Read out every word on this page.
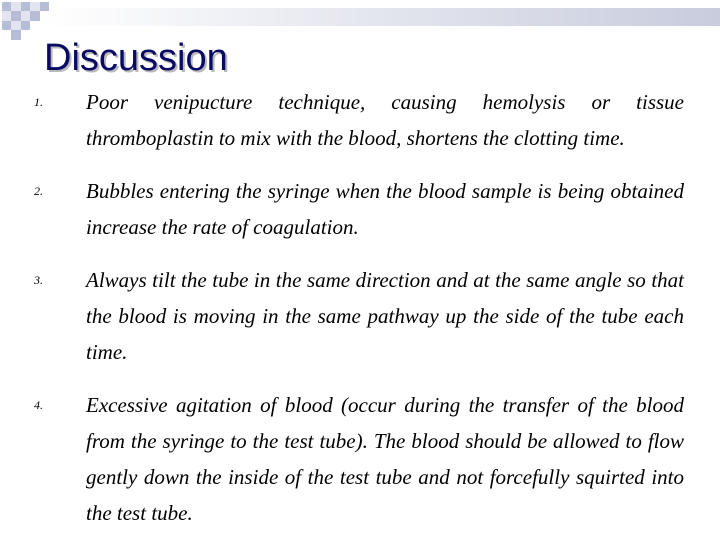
Discussion
1.	Poor venipucture technique, causing hemolysis or tissue thromboplastin to mix with the blood, shortens the clotting time.

2.	Bubbles entering the syringe when the blood sample is being obtained increase the rate of coagulation.

3.	Always tilt the tube in the same direction and at the same angle so that the blood is moving in the same pathway up the side of the tube each time.

4.	Excessive agitation of blood (occur during the transfer of the blood from the syringe to the test tube). The blood should be allowed to flow gently down the inside of the test tube and not forcefully squirted into the test tube.
